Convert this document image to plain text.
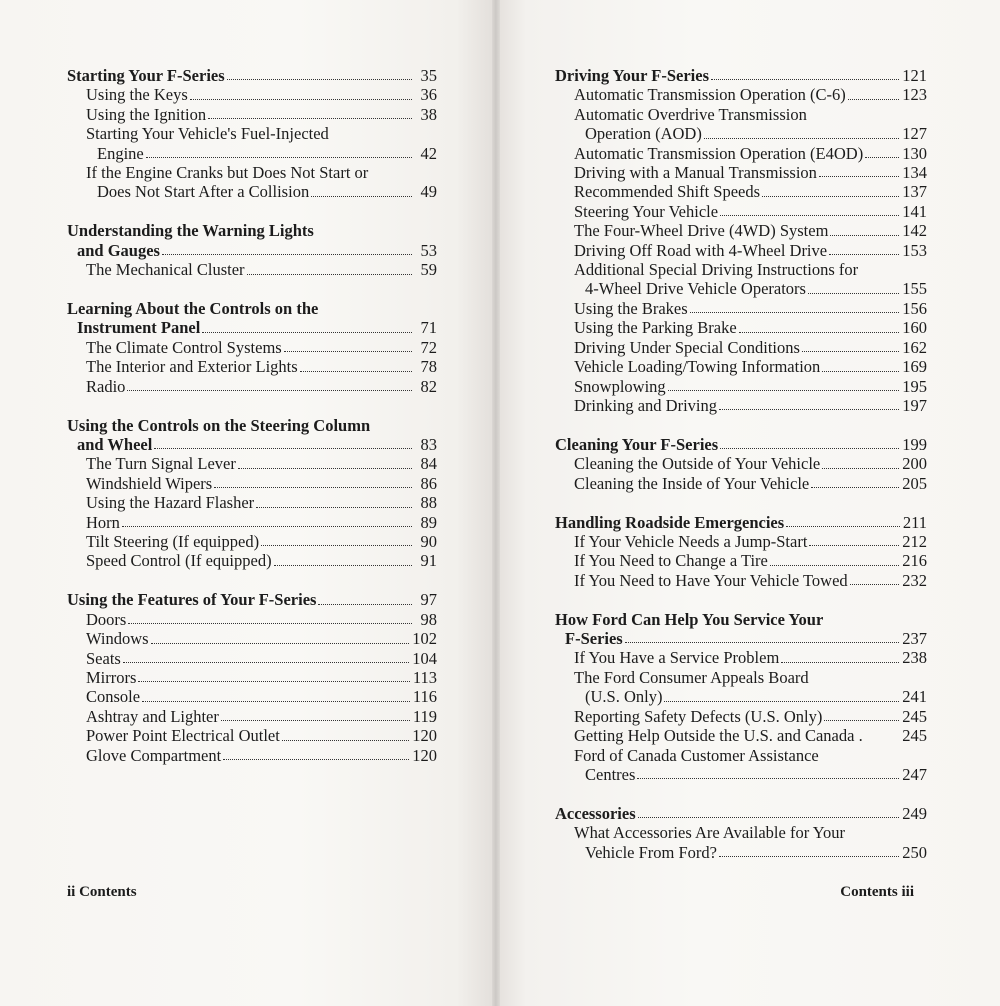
Starting Your F-Series	35
Using the Keys	36
Using the Ignition	38
Starting Your Vehicle's Fuel-Injected
Engine	42
If the Engine Cranks but Does Not Start or
Does Not Start After a Collision	49
Understanding the Warning Lights
and Gauges	53
The Mechanical Cluster	59
Learning About the Controls on the
Instrument Panel	71
The Climate Control Systems	72
The Interior and Exterior Lights	78
Radio	82
Using the Controls on the Steering Column
and Wheel	83
The Turn Signal Lever	84
Windshield Wipers	86
Using the Hazard Flasher	88
Horn	89
Tilt Steering (If equipped)	90
Speed Control (If equipped)	91
Using the Features of Your F-Series	97
Doors	98
Windows	102
Seats	104
Mirrors	113
Console	116
Ashtray and Lighter	119
Power Point Electrical Outlet	120
Glove Compartment	120
ii Contents
Driving Your F-Series	121
Automatic Transmission Operation (C-6)	123
Automatic Overdrive Transmission
Operation (AOD)	127
Automatic Transmission Operation (E4OD) 130
Driving with a Manual Transmission	134
Recommended Shift Speeds	137
Steering Your Vehicle	141
The Four-Wheel Drive (4WD) System	142
Driving Off Road with 4-Wheel Drive	153
Additional Special Driving Instructions for
4-Wheel Drive Vehicle Operators	155
Using the Brakes	156
Using the Parking Brake	160
Driving Under Special Conditions	162
Vehicle Loading/Towing Information	169
Snowplowing	195
Drinking and Driving	197
Cleaning Your F-Series	199
Cleaning the Outside of Your Vehicle	200
Cleaning the Inside of Your Vehicle	205
Handling Roadside Emergencies	211
If Your Vehicle Needs a Jump-Start	212
If You Need to Change a Tire	216
If You Need to Have Your Vehicle Towed	232
How Ford Can Help You Service Your
F-Series	237
If You Have a Service Problem	238
The Ford Consumer Appeals Board
(U.S. Only)	241
Reporting Safety Defects (U.S. Only)	245
Getting Help Outside the U.S. and Canada . 245
Ford of Canada Customer Assistance
Centres	247
Accessories	249
What Accessories Are Available for Your
Vehicle From Ford?	250
Contents iii
